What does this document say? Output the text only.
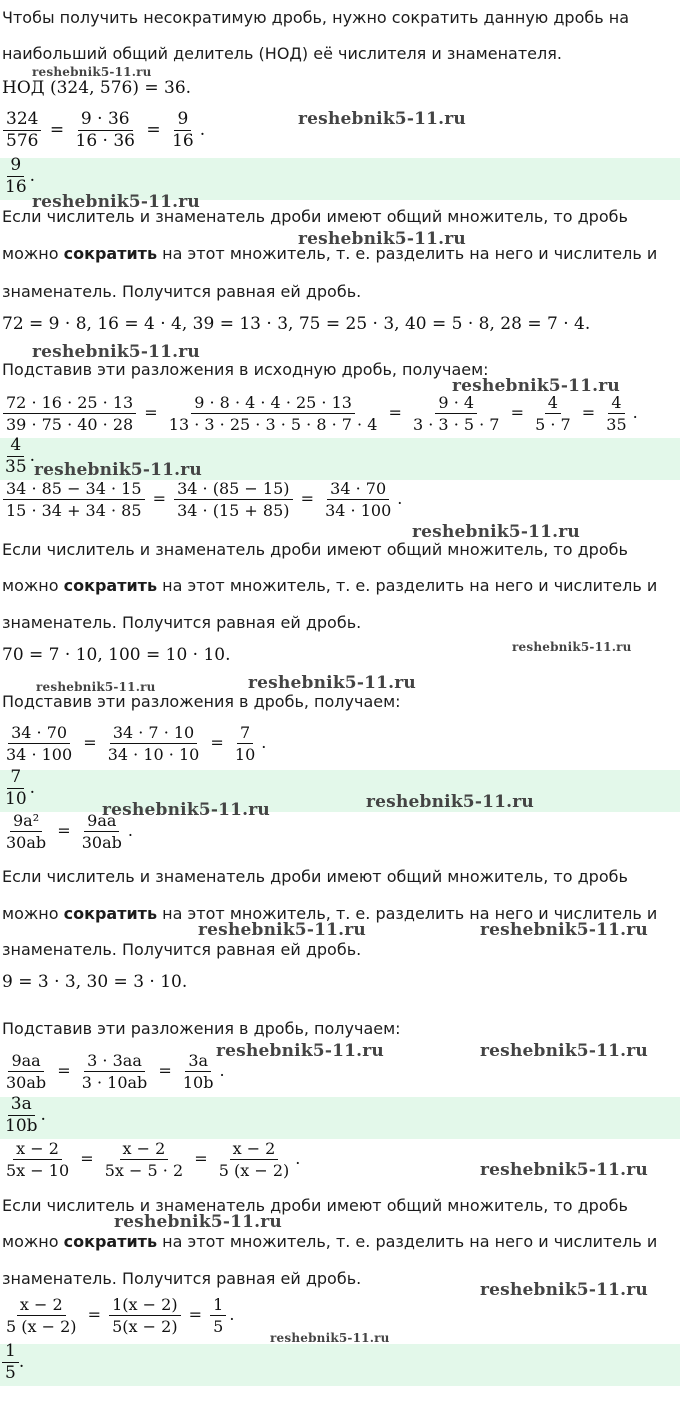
Чтобы получить несократимую дробь, нужно сократить данную дробь на
наибольший общий делитель (НОД) её числителя и знаменателя.
НОД (324, 576) = 36.
$\frac{324}{576} = \frac{9 \cdot 36}{16 \cdot 36} = \frac{9}{16}$ .
$\frac{9}{16}$ .
Если числитель и знаменатель дроби имеют общий множитель, то дробь
можно сократить на этот множитель, т. е. разделить на него и числитель и
знаменатель. Получится равная ей дробь.
72 = 9 · 8, 16 = 4 · 4, 39 = 13 · 3, 75 = 25 · 3, 40 = 5 · 8, 28 = 7 · 4.
Подставив эти разложения в исходную дробь, получаем:
$\frac{72 \cdot 16 \cdot 25 \cdot 13}{39 \cdot 75 \cdot 40 \cdot 28} = \frac{9 \cdot 8 \cdot 4 \cdot 4 \cdot 25 \cdot 13}{13 \cdot 3 \cdot 25 \cdot 3 \cdot 5 \cdot 8 \cdot 7 \cdot 4} = \frac{9 \cdot 4}{3 \cdot 3 \cdot 5 \cdot 7} = \frac{4}{5 \cdot 7} = \frac{4}{35}$ .
$\frac{4}{35}$ .
$\frac{34 \cdot 85 - 34 \cdot 15}{15 \cdot 34 + 34 \cdot 85} = \frac{34 \cdot (85 - 15)}{34 \cdot (15 + 85)} = \frac{34 \cdot 70}{34 \cdot 100}$ .
Если числитель и знаменатель дроби имеют общий множитель, то дробь
можно сократить на этот множитель, т. е. разделить на него и числитель и
знаменатель. Получится равная ей дробь.
70 = 7 · 10, 100 = 10 · 10.
Подставив эти разложения в дробь, получаем:
$\frac{34 \cdot 70}{34 \cdot 100} = \frac{34 \cdot 7 \cdot 10}{34 \cdot 10 \cdot 10} = \frac{7}{10}$ .
$\frac{7}{10}$ .
$\frac{\text{9a²}}{30ab} = \frac{9aa}{30ab}$ .
Если числитель и знаменатель дроби имеют общий множитель, то дробь
можно сократить на этот множитель, т. е. разделить на него и числитель и
знаменатель. Получится равная ей дробь.
9 = 3 · 3, 30 = 3 · 10.
Подставив эти разложения в дробь, получаем:
$\frac{9aa}{30ab} = \frac{3 \cdot 3aa}{3 \cdot 10ab} = \frac{3a}{10b}$ .
$\frac{3a}{10b}$ .
$\frac{x - 2}{5x - 10} = \frac{x - 2}{5x - 5 \cdot 2} = \frac{x - 2}{5 (x - 2)}$ .
Если числитель и знаменатель дроби имеют общий множитель, то дробь
можно сократить на этот множитель, т. е. разделить на него и числитель и
знаменатель. Получится равная ей дробь.
$\frac{x - 2}{5 (x - 2)} = \frac{1(x - 2)}{5(x - 2)} = \frac{1}{5}$ .
$\frac{1}{5}$ .
reshebnik5-11.ru
reshebnik5-11.ru
reshebnik5-11.ru
reshebnik5-11.ru
reshebnik5-11.ru
reshebnik5-11.ru
reshebnik5-11.ru
reshebnik5-11.ru
reshebnik5-11.ru
reshebnik5-11.ru	reshebnik5-11.ru
reshebnik5-11.ru	reshebnik5-11.ru
reshebnik5-11.ru	reshebnik5-11.ru
reshebnik5-11.ru	reshebnik5-11.ru
reshebnik5-11.ru
reshebnik5-11.ru
reshebnik5-11.ru
reshebnik5-11.ru
